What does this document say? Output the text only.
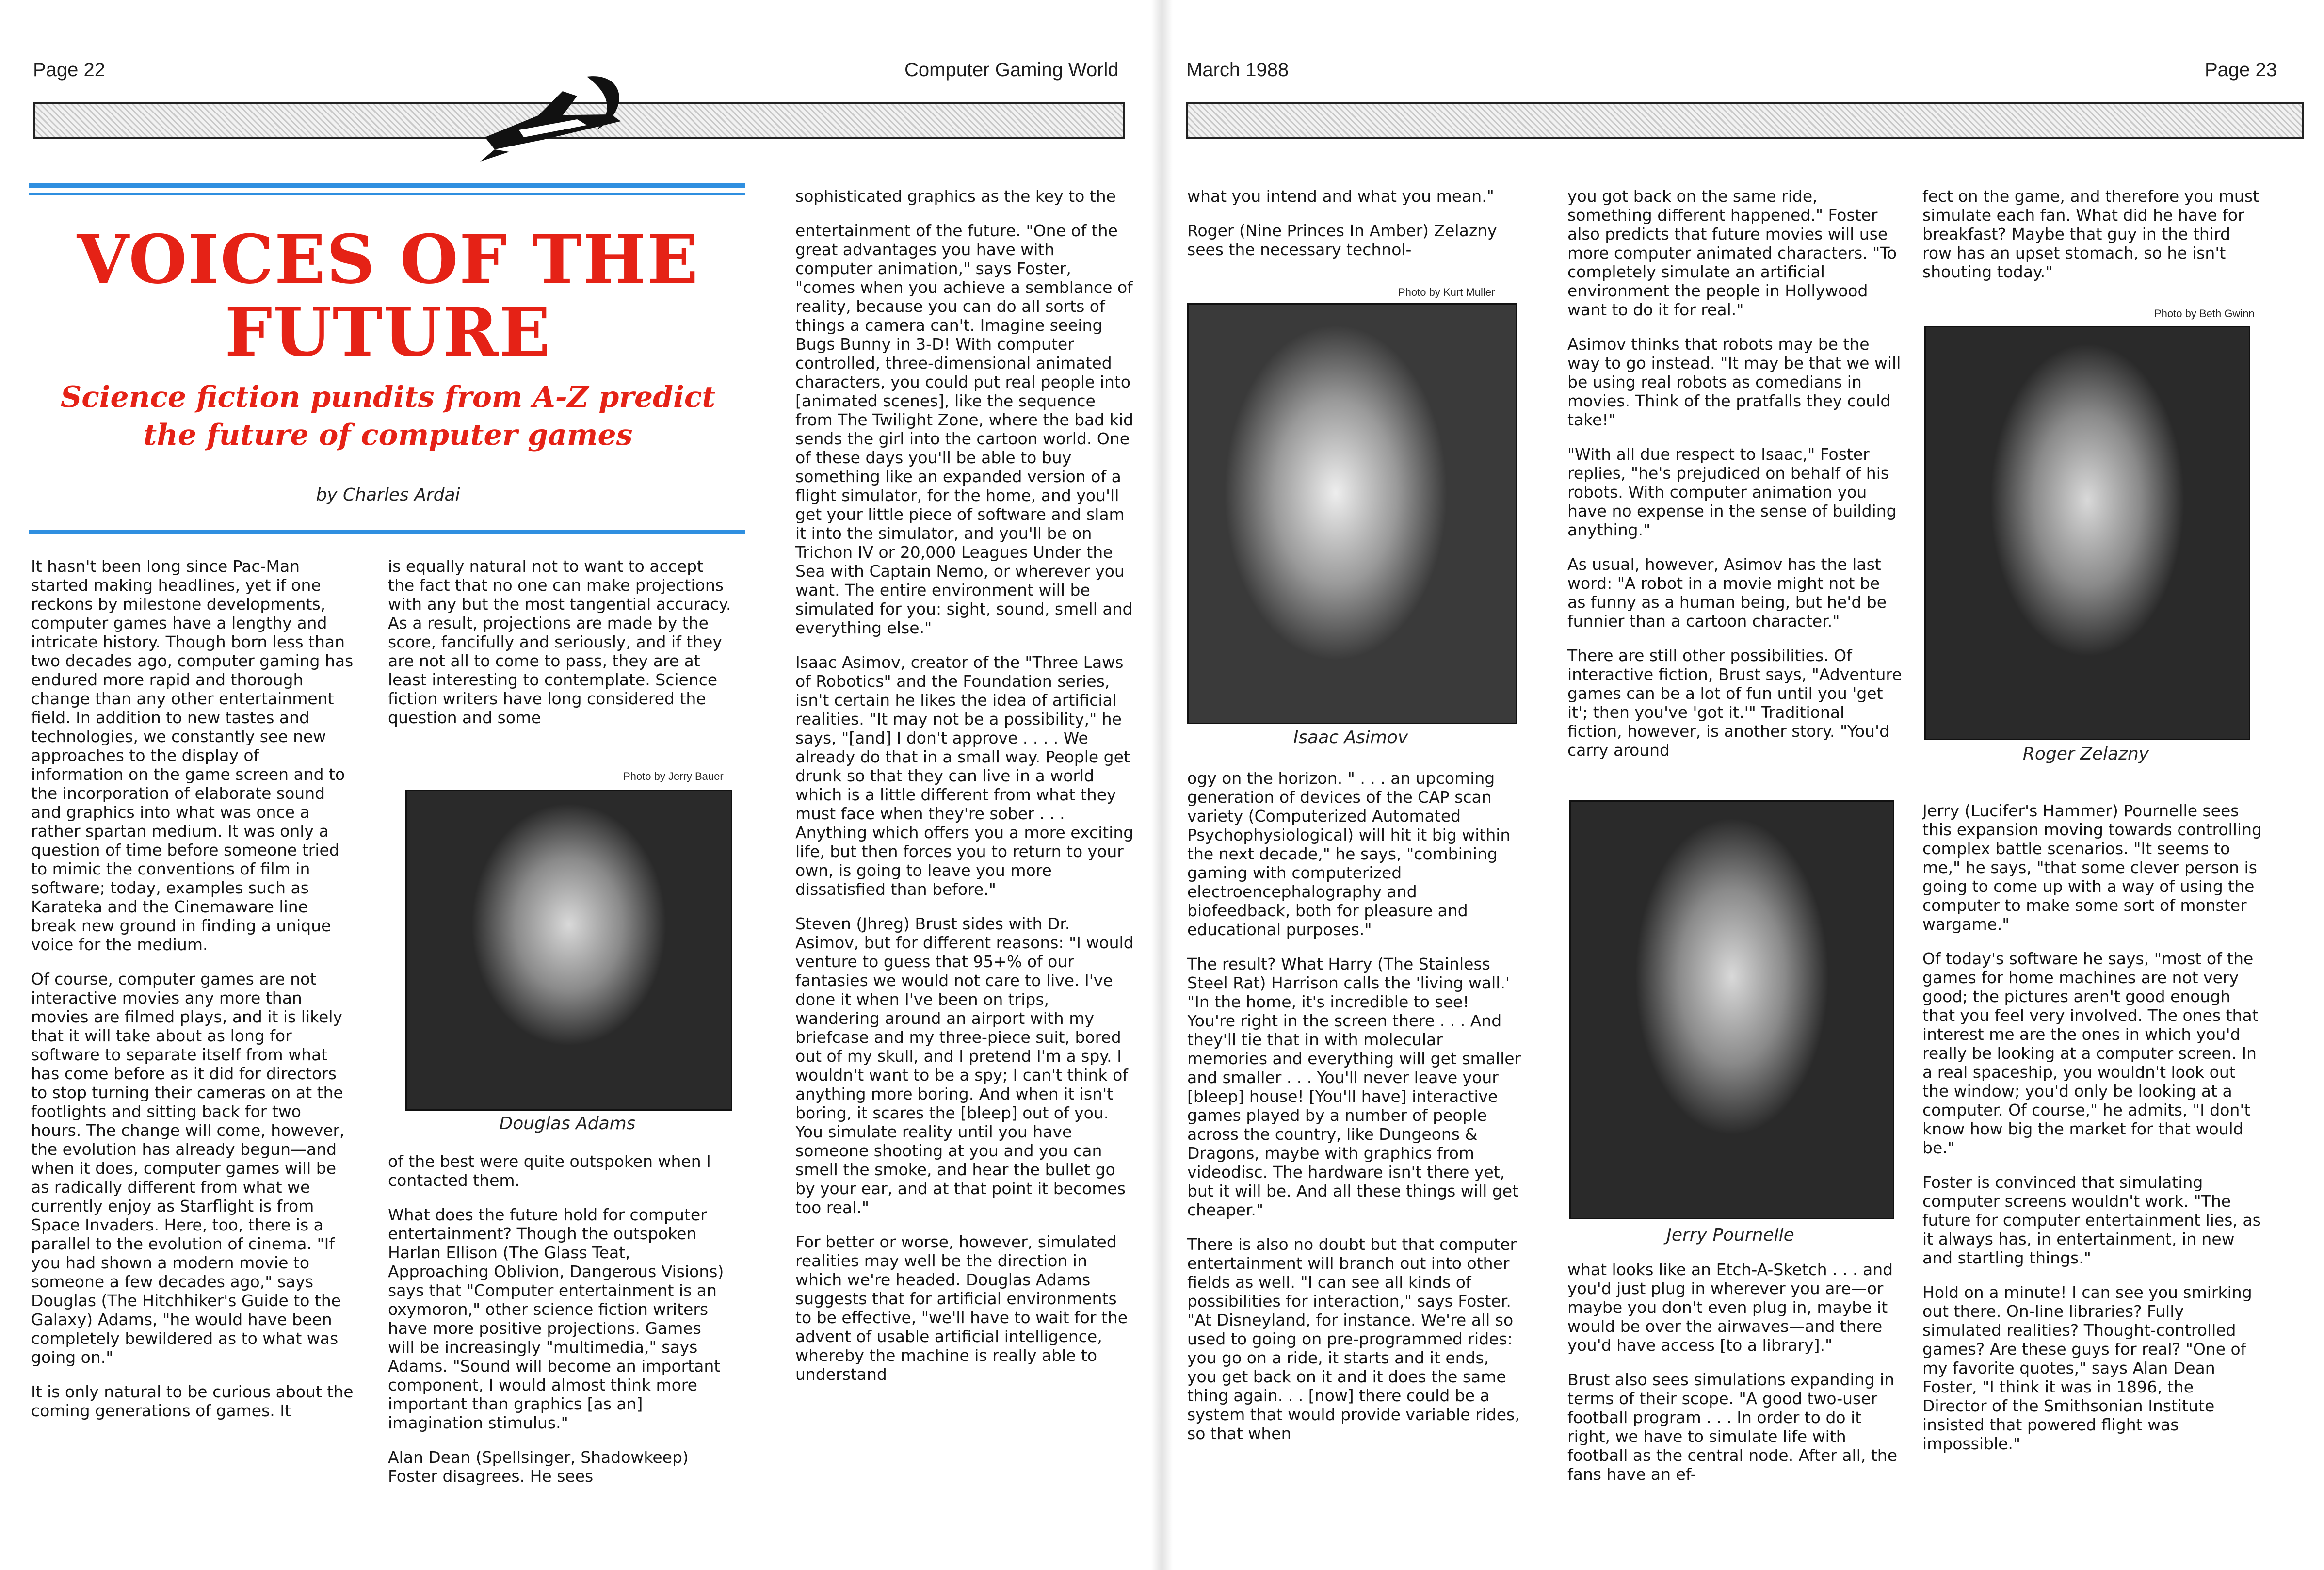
Page 22	Computer Gaming World
VOICES OF THE
FUTURE
Science fiction pundits from A-Z predict
the future of computer games

by Charles Ardai

It hasn't been long since Pac-Man started making headlines, yet if one reckons by milestone developments, computer games have a lengthy and intricate history. Though born less than two decades ago, computer gaming has endured more rapid and thorough change than any other entertainment field. In addition to new tastes and technologies, we constantly see new approaches to the display of information on the game screen and to the incorporation of elaborate sound and graphics into what was once a rather spartan medium. It was only a question of time before someone tried to mimic the conventions of film in software; today, examples such as Karateka and the Cinemaware line break new ground in finding a unique voice for the medium.

Of course, computer games are not interactive movies any more than movies are filmed plays, and it is likely that it will take about as long for software to separate itself from what has come before as it did for directors to stop turning their cameras on at the footlights and sitting back for two hours. The change will come, however, the evolution has already begun—and when it does, computer games will be as radically different from what we currently enjoy as Starflight is from Space Invaders. Here, too, there is a parallel to the evolution of cinema. "If you had shown a modern movie to someone a few decades ago," says Douglas (The Hitchhiker's Guide to the Galaxy) Adams, "he would have been completely bewildered as to what was going on."

It is only natural to be curious about the coming generations of games. It

is equally natural not to want to accept the fact that no one can make projections with any but the most tangential accuracy. As a result, projections are made by the score, fancifully and seriously, and if they are not all to come to pass, they are at least interesting to contemplate. Science fiction writers have long considered the question and some

Photo by Jerry Bauer
Douglas Adams

of the best were quite outspoken when I contacted them.

What does the future hold for computer entertainment? Though the outspoken Harlan Ellison (The Glass Teat, Approaching Oblivion, Dangerous Visions) says that "Computer entertainment is an oxymoron," other science fiction writers have more positive projections. Games will be increasingly "multimedia," says Adams. "Sound will become an important component, I would almost think more important than graphics [as an] imagination stimulus."

Alan Dean (Spellsinger, Shadowkeep) Foster disagrees. He sees

sophisticated graphics as the key to the

entertainment of the future. "One of the great advantages you have with computer animation," says Foster, "comes when you achieve a semblance of reality, because you can do all sorts of things a camera can't. Imagine seeing Bugs Bunny in 3-D! With computer controlled, three-dimensional animated characters, you could put real people into [animated scenes], like the sequence from The Twilight Zone, where the bad kid sends the girl into the cartoon world. One of these days you'll be able to buy something like an expanded version of a flight simulator, for the home, and you'll get your little piece of software and slam it into the simulator, and you'll be on Trichon IV or 20,000 Leagues Under the Sea with Captain Nemo, or wherever you want. The entire environment will be simulated for you: sight, sound, smell and everything else."

Isaac Asimov, creator of the "Three Laws of Robotics" and the Foundation series, isn't certain he likes the idea of artificial realities. "It may not be a possibility," he says, "[and] I don't approve . . . . We already do that in a small way. People get drunk so that they can live in a world which is a little different from what they must face when they're sober . . . Anything which offers you a more exciting life, but then forces you to return to your own, is going to leave you more dissatisfied than before."

Steven (Jhreg) Brust sides with Dr. Asimov, but for different reasons: "I would venture to guess that 95+% of our fantasies we would not care to live. I've done it when I've been on trips, wandering around an airport with my briefcase and my three-piece suit, bored out of my skull, and I pretend I'm a spy. I wouldn't want to be a spy; I can't think of anything more boring. And when it isn't boring, it scares the [bleep] out of you. You simulate reality until you have someone shooting at you and you can smell the smoke, and hear the bullet go by your ear, and at that point it becomes too real."

For better or worse, however, simulated realities may well be the direction in which we're headed. Douglas Adams suggests that for artificial environments to be effective, "we'll have to wait for the advent of usable artificial intelligence, whereby the machine is really able to understand

March 1988	Page 23

what you intend and what you mean."

Roger (Nine Princes In Amber) Zelazny sees the necessary technol-

Photo by Kurt Muller
Isaac Asimov

ogy on the horizon. " . . . an upcoming generation of devices of the CAP scan variety (Computerized Automated Psychophysiological) will hit it big within the next decade," he says, "combining gaming with computerized electroencephalography and biofeedback, both for pleasure and educational purposes."

The result? What Harry (The Stainless Steel Rat) Harrison calls the 'living wall.' "In the home, it's incredible to see! You're right in the screen there . . . And they'll tie that in with molecular memories and everything will get smaller and smaller . . . You'll never leave your [bleep] house! [You'll have] interactive games played by a number of people across the country, like Dungeons & Dragons, maybe with graphics from videodisc. The hardware isn't there yet, but it will be. And all these things will get cheaper."

There is also no doubt but that computer entertainment will branch out into other fields as well. "I can see all kinds of possibilities for interaction," says Foster. "At Disneyland, for instance. We're all so used to going on pre-programmed rides: you go on a ride, it starts and it ends, you get back on it and it does the same thing again. . . [now] there could be a system that would provide variable rides, so that when

you got back on the same ride, something different happened." Foster also predicts that future movies will use more computer animated characters. "To completely simulate an artificial environment the people in Hollywood want to do it for real."

Asimov thinks that robots may be the way to go instead. "It may be that we will be using real robots as comedians in movies. Think of the pratfalls they could take!"

"With all due respect to Isaac," Foster replies, "he's prejudiced on behalf of his robots. With computer animation you have no expense in the sense of building anything."

As usual, however, Asimov has the last word: "A robot in a movie might not be as funny as a human being, but he'd be funnier than a cartoon character."

There are still other possibilities. Of interactive fiction, Brust says, "Adventure games can be a lot of fun until you 'get it'; then you've 'got it.'" Traditional fiction, however, is another story. "You'd carry around

Jerry Pournelle

what looks like an Etch-A-Sketch . . . and you'd just plug in wherever you are—or maybe you don't even plug in, maybe it would be over the airwaves—and there you'd have access [to a library]."

Brust also sees simulations expanding in terms of their scope. "A good two-user football program . . . In order to do it right, we have to simulate life with football as the central node. After all, the fans have an ef-

fect on the game, and therefore you must simulate each fan. What did he have for breakfast? Maybe that guy in the third row has an upset stomach, so he isn't shouting today."

Photo by Beth Gwinn
Roger Zelazny

Jerry (Lucifer's Hammer) Pournelle sees this expansion moving towards controlling complex battle scenarios. "It seems to me," he says, "that some clever person is going to come up with a way of using the computer to make some sort of monster wargame."

Of today's software he says, "most of the games for home machines are not very good; the pictures aren't good enough that you feel very involved. The ones that interest me are the ones in which you'd really be looking at a computer screen. In a real spaceship, you wouldn't look out the window; you'd only be looking at a computer. Of course," he admits, "I don't know how big the market for that would be."

Foster is convinced that simulating computer screens wouldn't work. "The future for computer entertainment lies, as it always has, in entertainment, in new and startling things."

Hold on a minute! I can see you smirking out there. On-line libraries? Fully simulated realities? Thought-controlled games? Are these guys for real? "One of my favorite quotes," says Alan Dean Foster, "I think it was in 1896, the Director of the Smithsonian Institute insisted that powered flight was impossible."
